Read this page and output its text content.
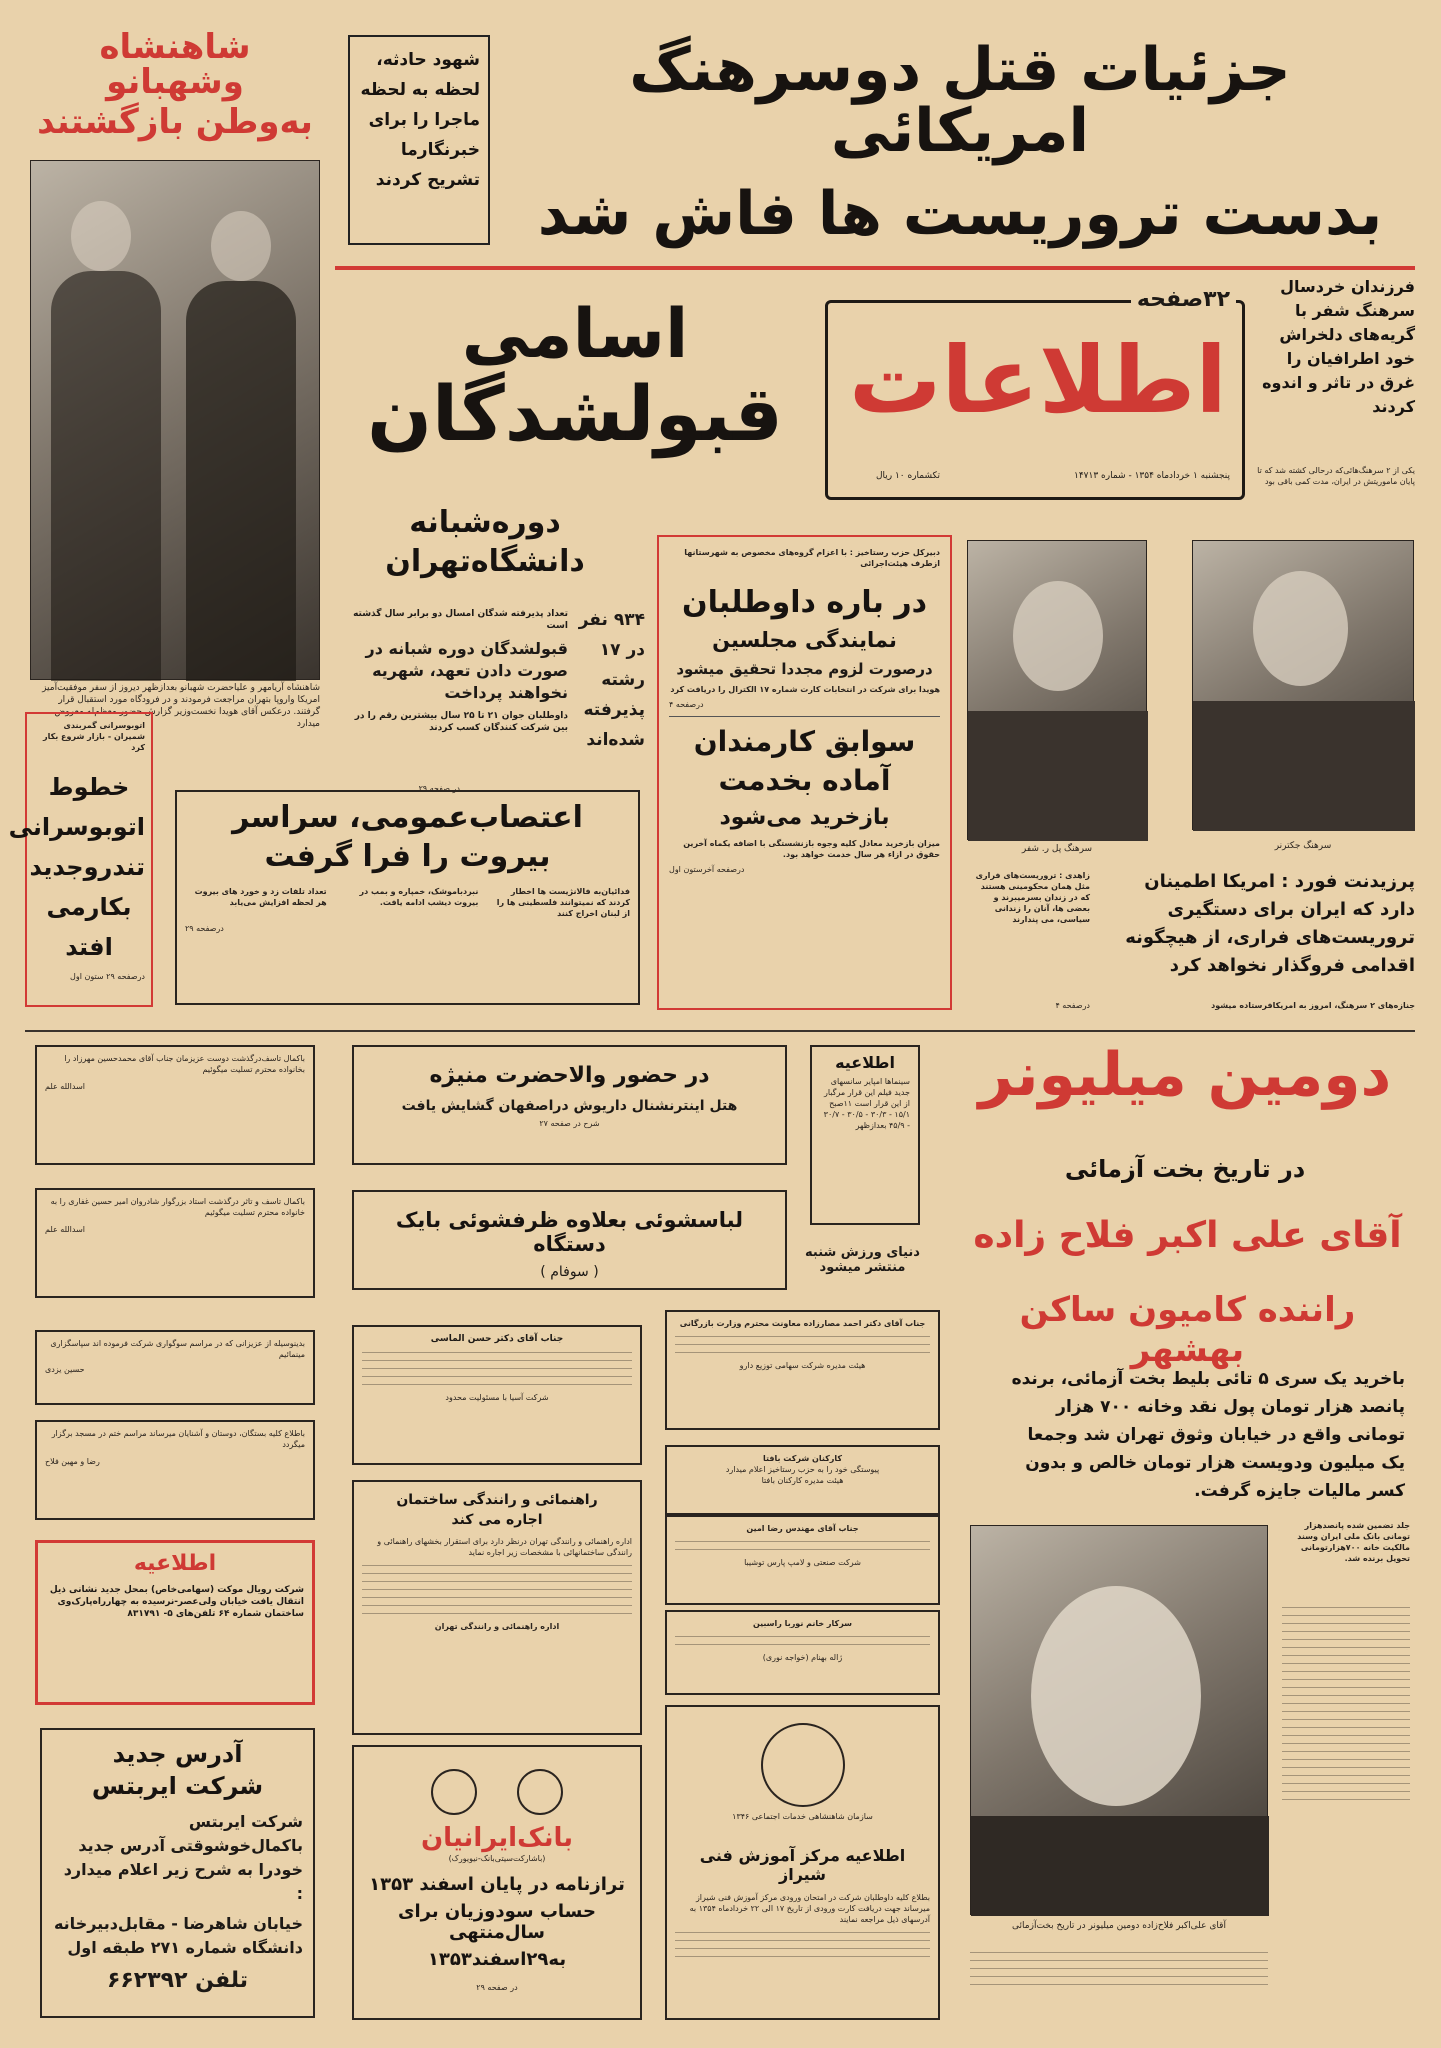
شاهنشاه وشهبانو
به‌وطن بازگشتند
شاهنشاه آریامهر و علیاحضرت شهبانو بعدازظهر دیروز از سفر موفقیت‌آمیز امریکا واروپا بتهران مراجعت فرمودند و در فرودگاه مورد استقبال قرار گرفتند. درعکس آقای هویدا نخست‌وزیر گزارش حضور معظم‌له معروض میدارد
شهود حادثه، لحظه به لحظه ماجرا را برای خبرنگارما تشریح کردند
جزئیات قتل دوسرهنگ امریکائی
بدست تروریست ها فاش شد
اطلاعات
۳۲صفحه
پنجشنبه ۱ خردادماه ۱۳۵۴ - شماره ۱۴۷۱۳
تکشماره ۱۰ ریال
فرزندان خردسال سرهنگ شفر با گریه‌های دلخراش خود اطرافیان را غرق در تاثر و اندوه کردند
یکی از ۲ سرهنگ‌هائی‌که درحالی کشته شد که تا پایان ماموریتش در ایران، مدت کمی باقی بود
اسامی
قبولشدگان
دوره‌شبانه
دانشگاه‌تهران
۹۳۴ نفر
در ۱۷
رشته
پذیرفته
شده‌اند
تعداد پذیرفته شدگان امسال دو برابر سال گذشته است
قبولشدگان دوره شبانه در صورت دادن تعهد، شهریه نخواهند پرداخت
داوطلبان جوان ۲۱ تا ۲۵ سال بیشترین رقم را در بین شرکت کنندگان کسب کردند
در صفحه ۲۹
دبیرکل حزب رستاخیز : با اعزام گروه‌های مخصوص به شهرستانها ازطرف هیئت‌اجرائی
در باره داوطلبان
نمایندگی مجلسین
درصورت لزوم مجددا تحقیق میشود
هویدا برای شرکت در انتخابات کارت شماره ۱۷ الکترال را دریافت کرد
درصفحه ۴
سوابق کارمندان
آماده بخدمت
بازخرید می‌شود
میزان بازخرید معادل کلیه وجوه بازنشستگی با اضافه یکماه آخرین حقوق در ازاء هر سال خدمت خواهد بود.
درصفحه آخرستون اول
سرهنگ پل ر. شفر	سرهنگ جکترنر
زاهدی : تروریست‌های فراری مثل همان محکومینی هستند که در زندان بسرمیبرند و بعضی ها، آنان را زندانی سیاسی، می پندارند
درصفحه ۴
پرزیدنت فورد : امریکا اطمینان دارد که ایران برای دستگیری تروریست‌های فراری، از هیچگونه اقدامی فروگذار نخواهد کرد
جنازه‌های ۲ سرهنگ، امروز به امریکافرستاده میشود
اتوبوسرانی گمربندی شمیران - بازار شروع بکار کرد
خطوط اتوبوسرانی تندروجدید بکارمی افتد
درصفحه ۲۹ ستون اول
اعتصاب‌عمومی، سراسر
بیروت را فرا گرفت
فدائیان‌به فالانژیست ها اخطار کردند که نمیتوانند فلسطینی ها را از لبنان اخراج کنند
نبردباموشک، خمپاره و بمب در بیروت دیشب ادامه یافت.
تعداد تلفات زد و خورد های بیروت هر لحظه افزایش می‌یابد
درصفحه ۲۹
باکمال تاسف‌درگذشت دوست عزیزمان جناب آقای محمد‌حسین مهرزاد را بخانواده محترم تسلیت میگوئیم
اسدالله علم
باکمال تاسف و تاثر درگذشت استاد بزرگوار شادروان امیر حسین غفاری را به خانواده محترم تسلیت میگوئیم
اسدالله علم
بدینوسیله از عزیزانی که در مراسم سوگواری شرکت فرموده اند سپاسگزاری مینمائیم
حسین یزدی
باطلاع کلیه بستگان، دوستان و آشنایان میرساند مراسم ختم در مسجد برگزار میگردد
رضا و مهین فلاح
اطلاعیه
شرکت رویال موکت (سهامی‌خاص) بمحل جدید نشانی ذیل انتقال یافت خیابان ولی‌عصر-نرسیده به چهارراه‌پارک‌وی ساختمان شماره ۶۴ تلفن‌های ۵- ۸۳۱۷۹۱
آدرس جدید
شرکت ایربتس
شرکت ایربتس باکمال‌خوشوقتی آدرس جدید خودرا به شرح زیر اعلام میدارد :
خیابان شاهرضا - مقابل‌دبیرخانه دانشگاه شماره ۲۷۱ طبقه اول
تلفن ۶۶۲۳۹۲
در حضور والاحضرت منیژه
هتل اینترنشنال داریوش دراصفهان گشایش یافت
شرح در صفحه ۲۷
لباسشوئی بعلاوه ظرفشوئی بایک دستگاه
( سوفام )
اطلاعیه
سینماها امپایر سانسهای جدید فیلم این قرار مرگبار از این قرار است ۱۱صبح ۱۵/۱ - ۳۰/۳ - ۳۰/۵ - ۳۰/۷ - ۴۵/۹ بعدازظهر
دنیای ورزش شنبه منتشر میشود
جناب آقای دکتر حسن الماسی
شرکت آسیا با مسئولیت محدود
راهنمائی و رانندگی ساختمان
اجاره می کند
اداره راهنمائی و رانندگی تهران درنظر دارد برای استقرار بخشهای راهنمائی و رانندگی ساختمانهائی با مشخصات زیر اجاره نماید
اداره راهنمائی و رانندگی تهران
بانک‌ایرانیان
(باشارکت‌سیتی‌بانک-نیویورک)
ترازنامه در پایان اسفند ۱۳۵۳
حساب سودوزیان برای سال‌منتهی
به۲۹اسفند۱۳۵۳
در صفحه ۲۹
جناب آقای دکتر احمد مصارزاده معاونت محترم وزارت بازرگانی
هیئت مدیره شرکت سهامی توزیع دارو
کارکنان شرکت بافتا
پیوستگی خود را به حزب رستاخیز اعلام میدارد
هیئت مدیره کارکنان بافتا
جناب آقای مهندس رضا امین
شرکت صنعتی و لامپ پارس توشیبا
سرکار خانم نوربا راسبین
ژاله بهنام (خواجه نوری)
سازمان شاهنشاهی خدمات اجتماعی ۱۳۴۶
اطلاعیه مرکز آموزش فنی شیراز
بطلاع کلیه داوطلبان شرکت در امتحان ورودی مرکز آموزش فنی شیراز میرساند جهت دریافت کارت ورودی از تاریخ ۱۷ الی ۲۲ خردادماه ۱۳۵۴ به آدرسهای ذیل مراجعه نمایند
دومین میلیونر
در تاریخ بخت آزمائی
آقای علی اکبر فلاح زاده
راننده کامیون ساکن بهشهر
باخرید یک سری ۵ تائی بلیط بخت آزمائی، برنده پانصد هزار تومان پول نقد وخانه ۷۰۰ هزار تومانی واقع در خیابان وثوق تهران شد وجمعا یک میلیون ودویست هزار تومان خالص و بدون کسر مالیات جایزه گرفت.
آقای علی‌اکبر فلاح‌زاده دومین میلیونر در تاریخ بخت‌آزمائی
جلد تضمین شده پانصدهزار تومانی بانک ملی ایران وسند مالکیت خانه ۷۰۰هزارتومانی تحویل برنده شد.
